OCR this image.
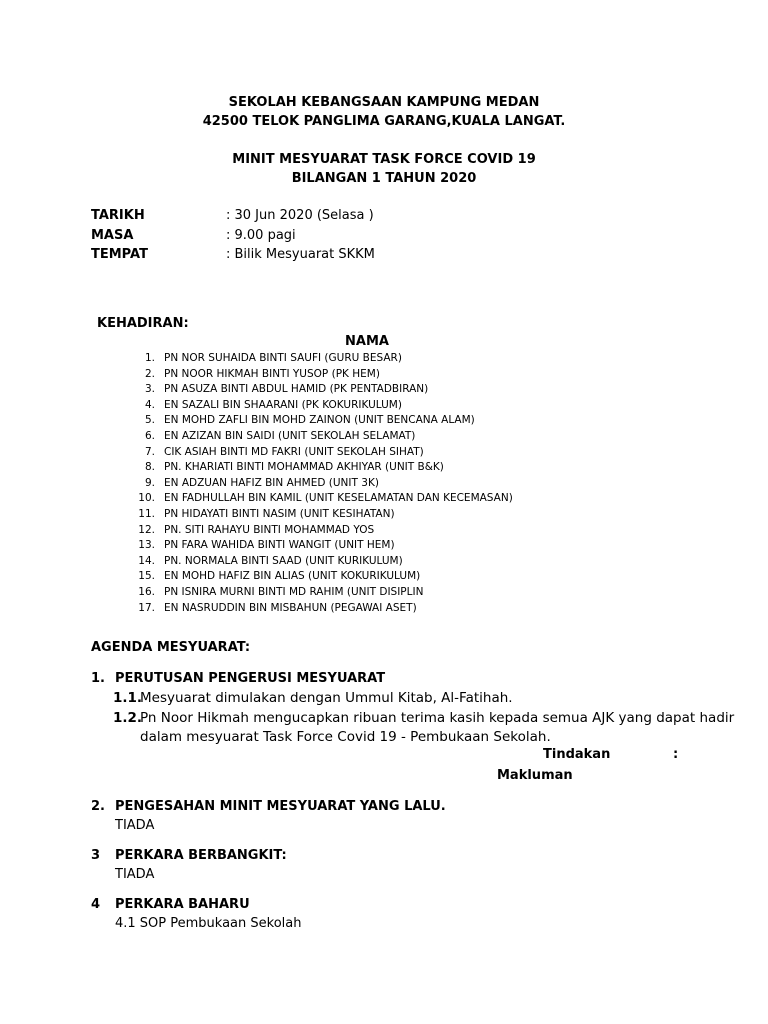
SEKOLAH KEBANGSAAN KAMPUNG MEDAN
42500 TELOK PANGLIMA GARANG,KUALA LANGAT.
MINIT MESYUARAT TASK FORCE COVID 19
BILANGAN 1 TAHUN 2020
TARIKH	: 30 Jun 2020 (Selasa )
MASA	: 9.00 pagi
TEMPAT	: Bilik Mesyuarat SKKM
KEHADIRAN:
NAMA
1. PN NOR SUHAIDA BINTI SAUFI (GURU BESAR)
2. PN NOOR HIKMAH BINTI YUSOP (PK HEM)
3. PN ASUZA BINTI ABDUL HAMID (PK PENTADBIRAN)
4. EN SAZALI BIN SHAARANI (PK KOKURIKULUM)
5. EN MOHD ZAFLI BIN MOHD ZAINON (UNIT BENCANA ALAM)
6. EN AZIZAN BIN SAIDI (UNIT SEKOLAH SELAMAT)
7. CIK ASIAH BINTI MD FAKRI (UNIT SEKOLAH SIHAT)
8. PN. KHARIATI BINTI MOHAMMAD AKHIYAR (UNIT B&K)
9. EN ADZUAN HAFIZ BIN AHMED (UNIT 3K)
10. EN FADHULLAH BIN KAMIL (UNIT KESELAMATAN DAN KECEMASAN)
11. PN HIDAYATI BINTI NASIM (UNIT KESIHATAN)
12. PN. SITI RAHAYU BINTI MOHAMMAD YOS
13. PN FARA WAHIDA BINTI WANGIT (UNIT HEM)
14. PN. NORMALA BINTI SAAD (UNIT KURIKULUM)
15. EN MOHD HAFIZ BIN ALIAS (UNIT KOKURIKULUM)
16. PN ISNIRA MURNI BINTI MD RAHIM (UNIT DISIPLIN
17. EN NASRUDDIN BIN MISBAHUN (PEGAWAI ASET)
AGENDA MESYUARAT:
1. PERUTUSAN PENGERUSI MESYUARAT
1.1.
Mesyuarat dimulakan dengan Ummul Kitab, Al-Fatihah.
1.2.
Pn Noor Hikmah mengucapkan ribuan terima kasih kepada semua AJK yang dapat hadir
dalam mesyuarat Task Force Covid 19 - Pembukaan Sekolah.
Tindakan	:
Makluman
2. PENGESAHAN MINIT MESYUARAT YANG LALU.
TIADA
3 PERKARA BERBANGKIT:
TIADA
4 PERKARA BAHARU
4.1 SOP Pembukaan Sekolah
